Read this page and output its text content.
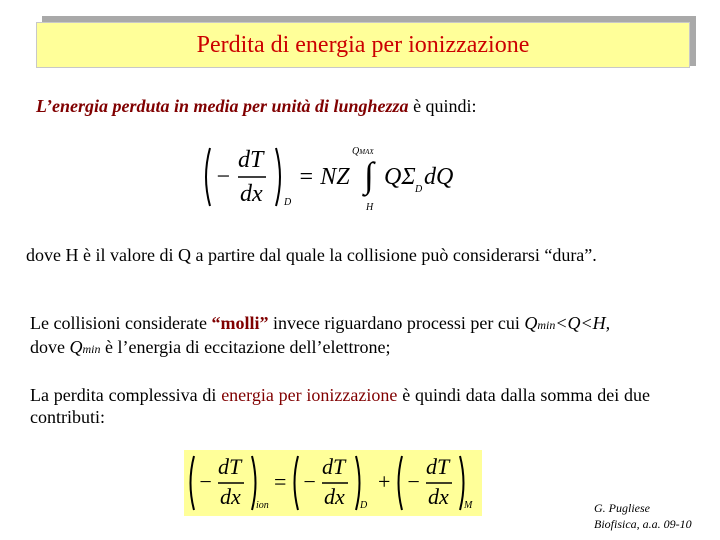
Perdita di energia per ionizzazione
L’energia perduta in media per unità di lunghezza è quindi:
−
dT
dx D
= NZ ∫
QMAX
H
QΣ D dQ
dove H è il valore di Q a partire dal quale la collisione può considerarsi “dura”.
Le collisioni considerate “molli” invece riguardano processi per cui Qmin<Q<H,
dove Qmin è l’energia di eccitazione dell’elettrone;
La perdita complessiva di energia per ionizzazione è quindi data dalla somma dei due contributi:
−
dT
dx ion
= −
dT
dx D
+ −
dT
dx M	G. Pugliese
Biofisica, a.a. 09-10
